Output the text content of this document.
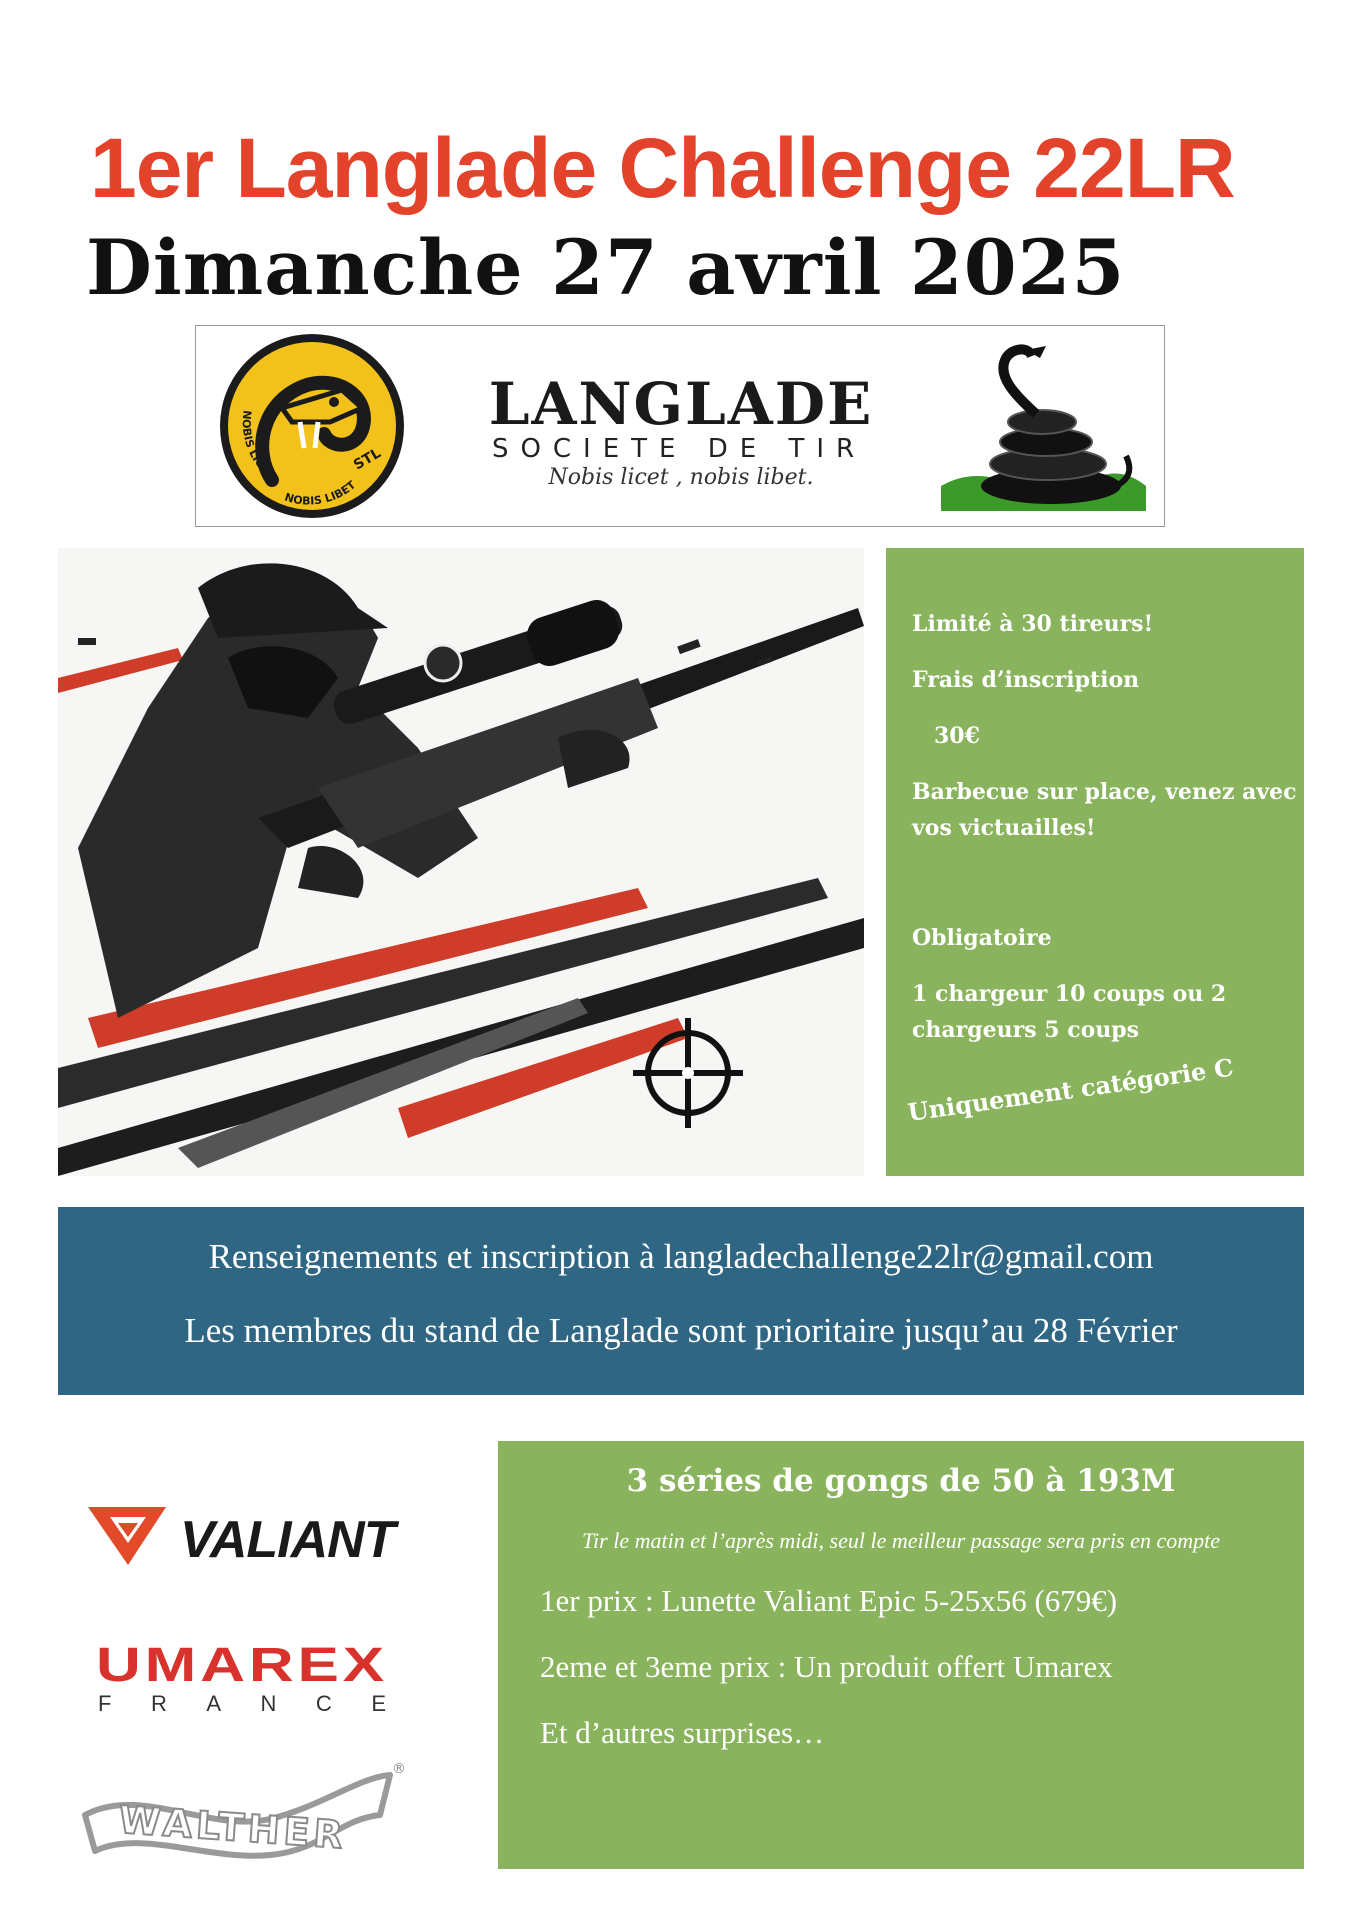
1er Langlade Challenge 22LR
Dimanche 27 avril 2025
NOBIS LICET
NOBIS LIBET
STL
LANGLADE
SOCIETE DE TIR
Nobis licet , nobis libet.
Limité à 30 tireurs!
Frais d’inscription
30€
Barbecue sur place, venez avec
vos victuailles!
Obligatoire
1 chargeur 10 coups ou 2
chargeurs 5 coups
Uniquement catégorie C
Renseignements et inscription à langladechallenge22lr@gmail.com
Les membres du stand de Langlade sont prioritaire jusqu’au 28 Février
VALIANT
UMAREX
FRANCE
WALTHER
®
3 séries de gongs de 50 à 193M
Tir le matin et l’après midi, seul le meilleur passage sera pris en compte
1er prix : Lunette Valiant Epic 5-25x56 (679€)
2eme et 3eme prix : Un produit offert Umarex
Et d’autres surprises…
